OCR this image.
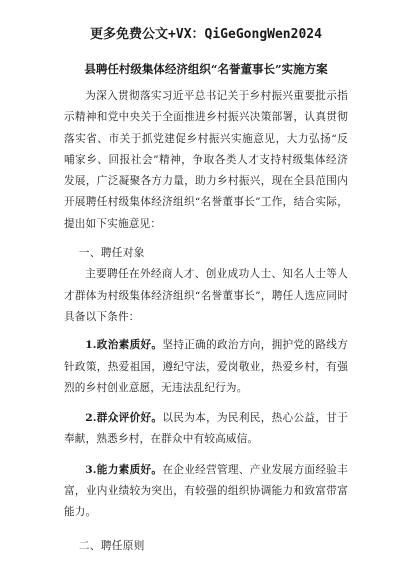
更多免费公文+VX：QiGeGongWen2024
县聘任村级集体经济组织“名誉董事长”实施方案

为深入贯彻落实习近平总书记关于乡村振兴重要批示指示精神和党中央关于全面推进乡村振兴决策部署，认真贯彻落实省、市关于抓党建促乡村振兴实施意见，大力弘扬“反哺家乡、回报社会”精神，争取各类人才支持村级集体经济发展，广泛凝聚各方力量，助力乡村振兴，现在全县范围内开展聘任村级集体经济组织“名誉董事长”工作，结合实际，提出如下实施意见：

一、聘任对象

主要聘任在外经商人才、创业成功人士、知名人士等人才群体为村级集体经济组织“名誉董事长”，聘任人选应同时具备以下条件：

1.政治素质好。坚持正确的政治方向，拥护党的路线方针政策，热爱祖国，遵纪守法，爱岗敬业，热爱乡村，有强烈的乡村创业意愿，无违法乱纪行为。

2.群众评价好。以民为本，为民利民，热心公益，甘于奉献，熟悉乡村，在群众中有较高威信。

3.能力素质好。在企业经营管理、产业发展方面经验丰富，业内业绩较为突出，有较强的组织协调能力和致富带富能力。

二、聘任原则
